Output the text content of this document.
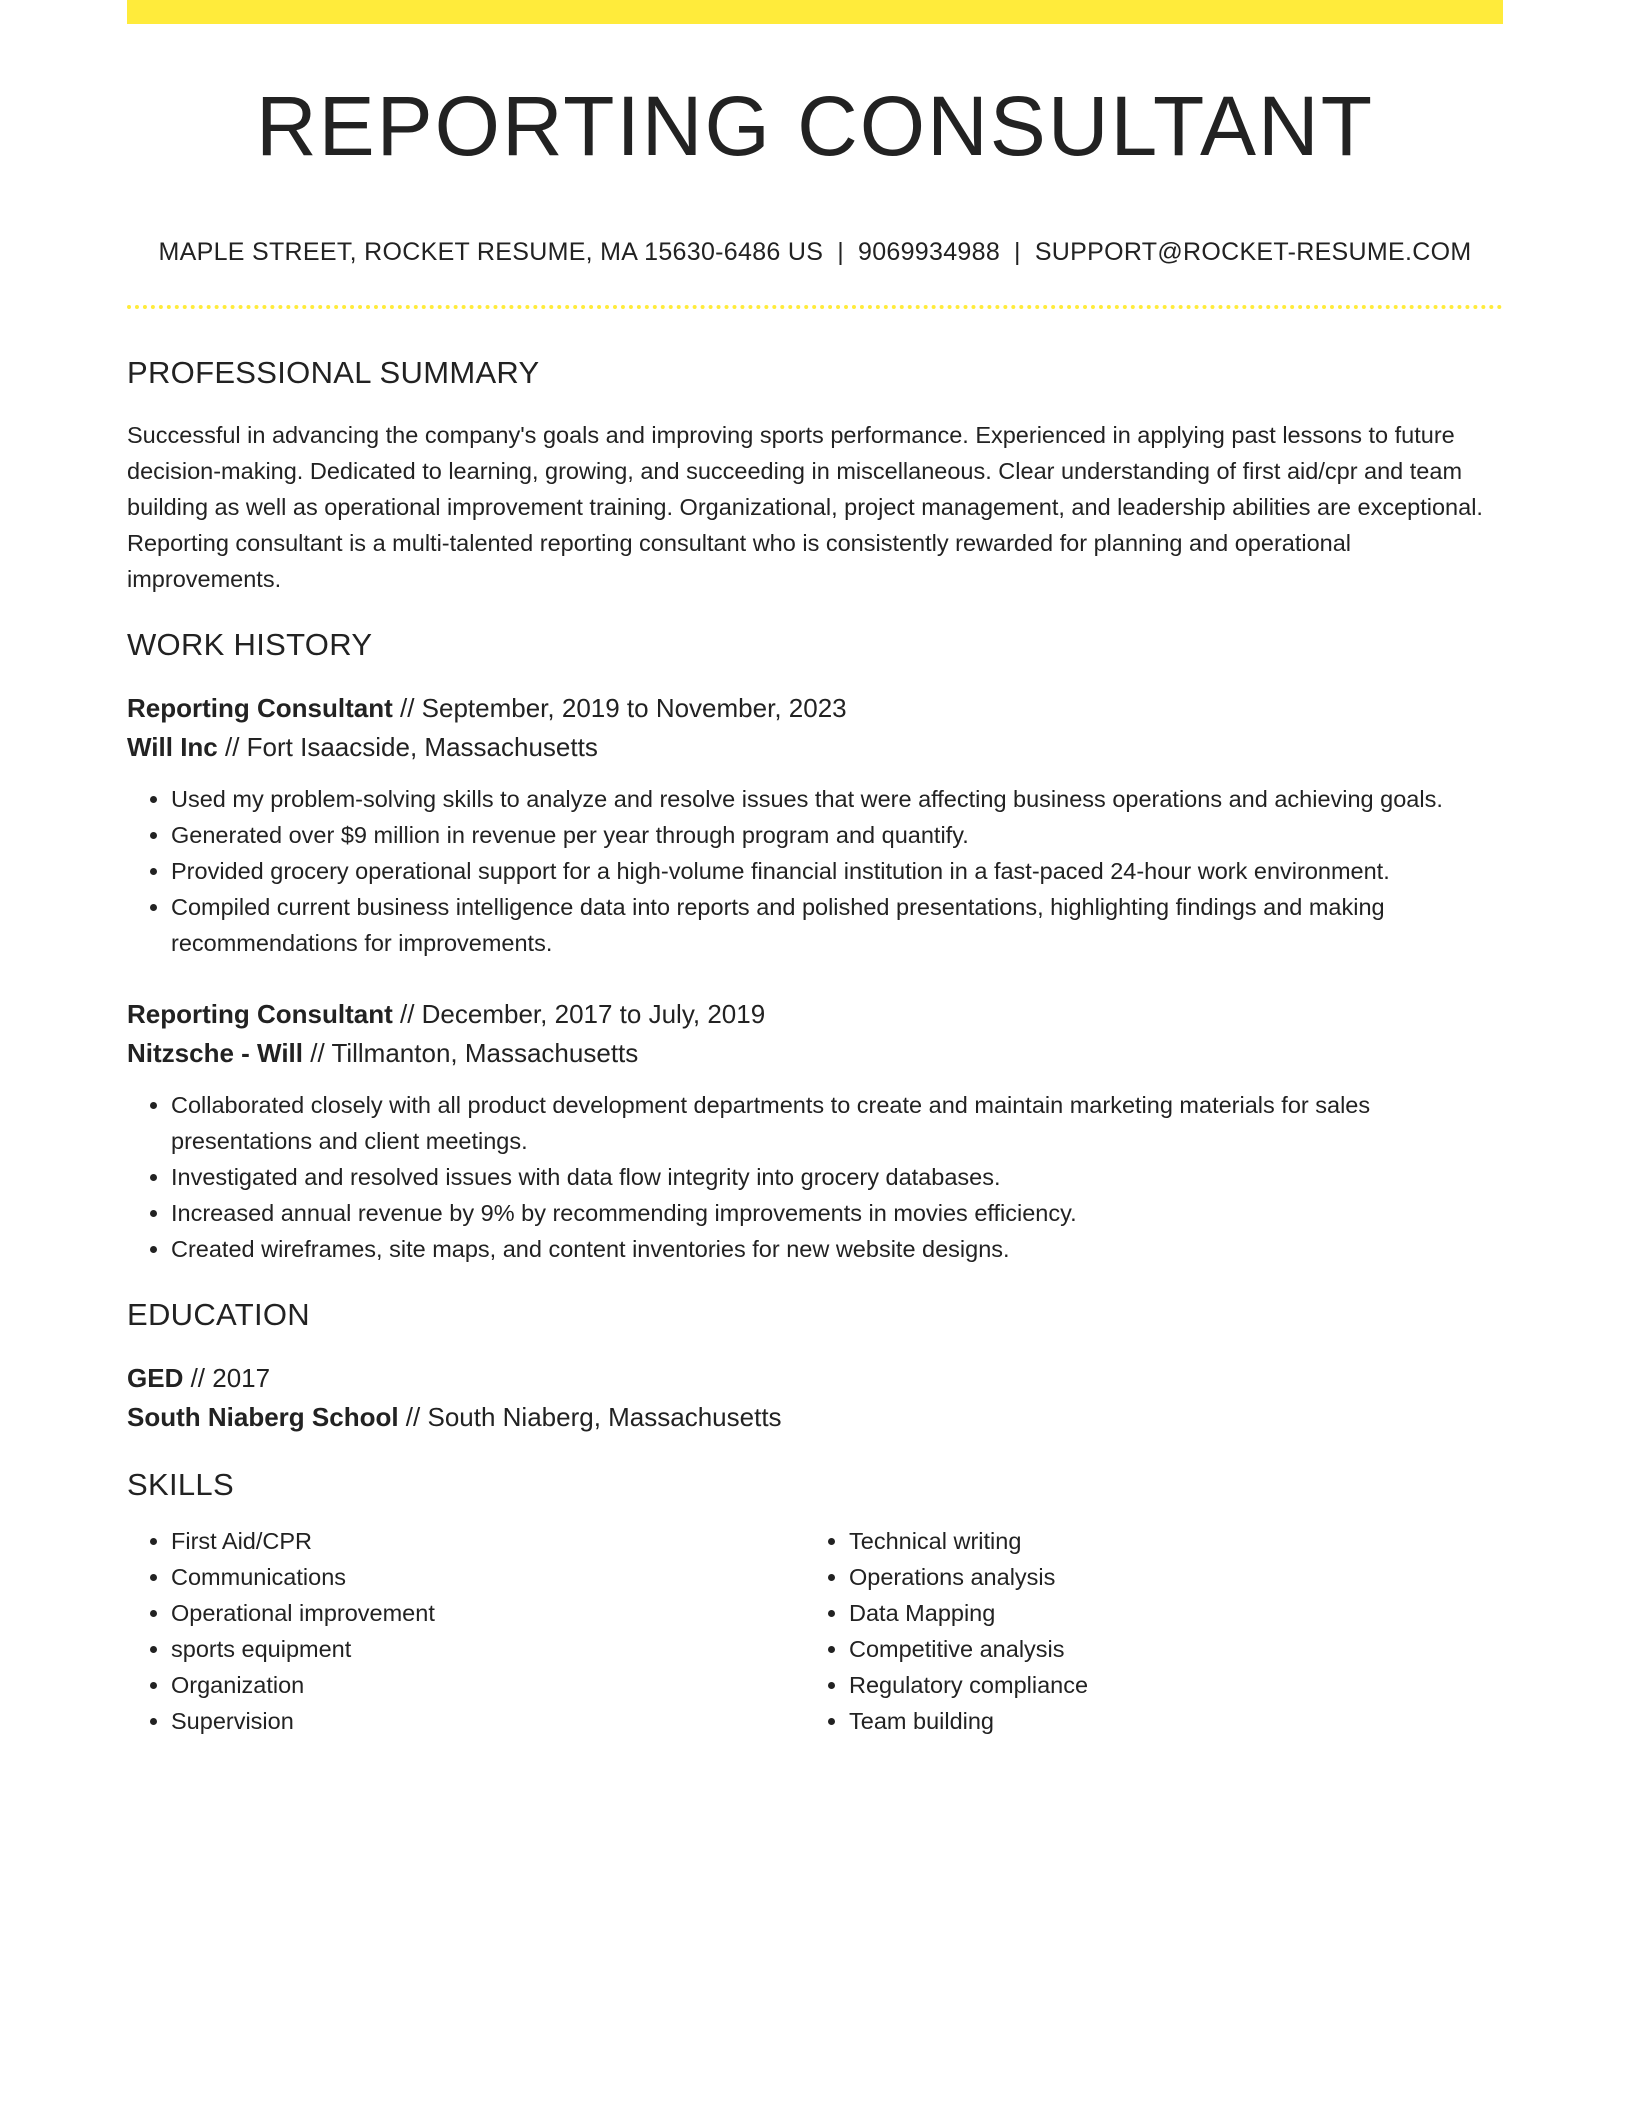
REPORTING CONSULTANT
MAPLE STREET, ROCKET RESUME, MA 15630-6486 US | 9069934988 | SUPPORT@ROCKET-RESUME.COM
PROFESSIONAL SUMMARY
Successful in advancing the company's goals and improving sports performance. Experienced in applying past lessons to future decision-making. Dedicated to learning, growing, and succeeding in miscellaneous. Clear understanding of first aid/cpr and team building as well as operational improvement training. Organizational, project management, and leadership abilities are exceptional. Reporting consultant is a multi-talented reporting consultant who is consistently rewarded for planning and operational improvements.
WORK HISTORY
Reporting Consultant // September, 2019 to November, 2023
Will Inc // Fort Isaacside, Massachusetts
• Used my problem-solving skills to analyze and resolve issues that were affecting business operations and achieving goals.
• Generated over $9 million in revenue per year through program and quantify.
• Provided grocery operational support for a high-volume financial institution in a fast-paced 24-hour work environment.
• Compiled current business intelligence data into reports and polished presentations, highlighting findings and making recommendations for improvements.
Reporting Consultant // December, 2017 to July, 2019
Nitzsche - Will // Tillmanton, Massachusetts
• Collaborated closely with all product development departments to create and maintain marketing materials for sales presentations and client meetings.
• Investigated and resolved issues with data flow integrity into grocery databases.
• Increased annual revenue by 9% by recommending improvements in movies efficiency.
• Created wireframes, site maps, and content inventories for new website designs.
EDUCATION
GED // 2017
South Niaberg School // South Niaberg, Massachusetts
SKILLS
• First Aid/CPR
• Communications
• Operational improvement
• sports equipment
• Organization
• Supervision
• Technical writing
• Operations analysis
• Data Mapping
• Competitive analysis
• Regulatory compliance
• Team building
